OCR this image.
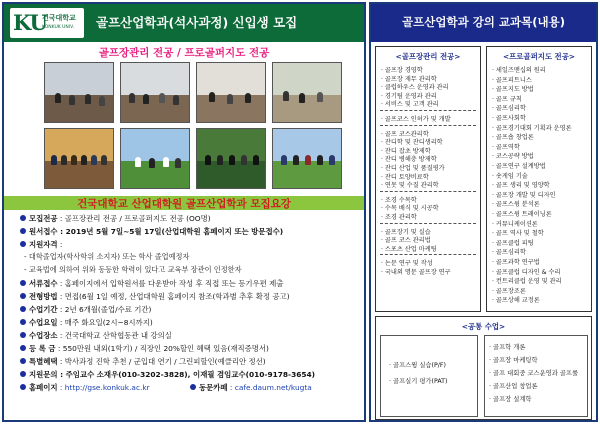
KU
건국대학교
KONKUK UNIV. 골프산업학과(석사과정) 신입생 모집
골프장관리 전공 / 프로골퍼지도 전공
건국대학교 산업대학원 골프산업학과 모집요강
모집전공 : 골프장관리 전공 / 프로골퍼지도 전공 (OO명)
원서접수 : 2019년 5월 7일~5월 17일(산업대학원 홈페이지 또는 방문접수)
지원자격 :
- 대학졸업자(학사학위 소지자) 또는 학사 졸업예정자
- 교육법에 의하여 위와 동등한 학력이 있다고 교육부 장관이 인정한자
서류접수 : 홈페이지에서 입학원서를 다운받아 작성 후 직접 또는 등기우편 제출
전형방법 : 면접(6월 1일 예정, 산업대학원 홈페이지 참조(학과별 추후 확정 공고)
수업기간 : 2년 6개월(졸업/수료 기간)
수업요일 : 매주 화요일(2시~8시까지)
수업장소 : 건국대학교 산학협동관 내 강의실
등 록 금 : 550만원 내외(1학기) / 직장인 20%할인 혜택 있음(재직증명서)
특별혜택 : 박사과정 진학 추천 / 군입대 연기 / 그린피할인(예클리안 정선)
지원문의 : 주임교수 소재우(010-3202-3828), 이재필 겸임교수(010-9178-3654)
홈페이지 : http://gse.konkuk.ac.kr	동문카페 : cafe.daum.net/kugta
골프산업학과 강의 교과목(내용)
<골프장관리 전공>
· 골프장 경영학
· 골프장 재무 관리학
· 클럽하우스 운영과 관리
· 경기팀 운영과 관리
· 서비스 및 고객 관리
· 골프코스 인허가 및 개발
· 골프 코스관리학
· 잔디학 및 잔디생리학
· 잔디 잡초 방제학
· 잔디 병해충 방제학
· 잔디 산업 및 품질평가
· 잔디 토양비료학
· 연못 및 수질 관리학
· 조경 수목학
· 수목 배식 및 시공학
· 조경 관리학
· 골프장기 및 실습
· 골프 코스 관리법
· 스포츠 산업 마케팅
· 논문 연구 및 작성
· 국내외 명문 골프장 연구
<프로골퍼지도 전공>
· 세일즈맨십의 원리
· 골프피트니스
· 골프지도 방법
· 골프 규칙
· 골프심리학
· 골프사회학
· 골프경기대회 기획과 운영론
· 골프숍 창업론
· 골프역학
· 코스공략 방법
· 골프연구 설계방법
· 숏게임 기술
· 골프 생리 및 영양학
· 골프장 개발 및 디자인
· 골프스윙 분석론
· 골프스윙 트레이닝론
· 커뮤니케이션론
· 골프 역사 및 철학
· 골프클럽 피팅
· 골프심리학
· 골프과학 연구법
· 골프클럽 디자인 & 수리
· 컨트리클럽 운영 및 관리
· 골프장조론
· 골프상해 교정론
<공통 수업>
· 골프스윙 실습(P/F)
· 골프실기 평가(PAT)
· 골프학 개론
· 골프장 마케팅학
· 골프 대회중 코스운영과 골프룰
· 골프산업 창업론
· 골프장 설계학
